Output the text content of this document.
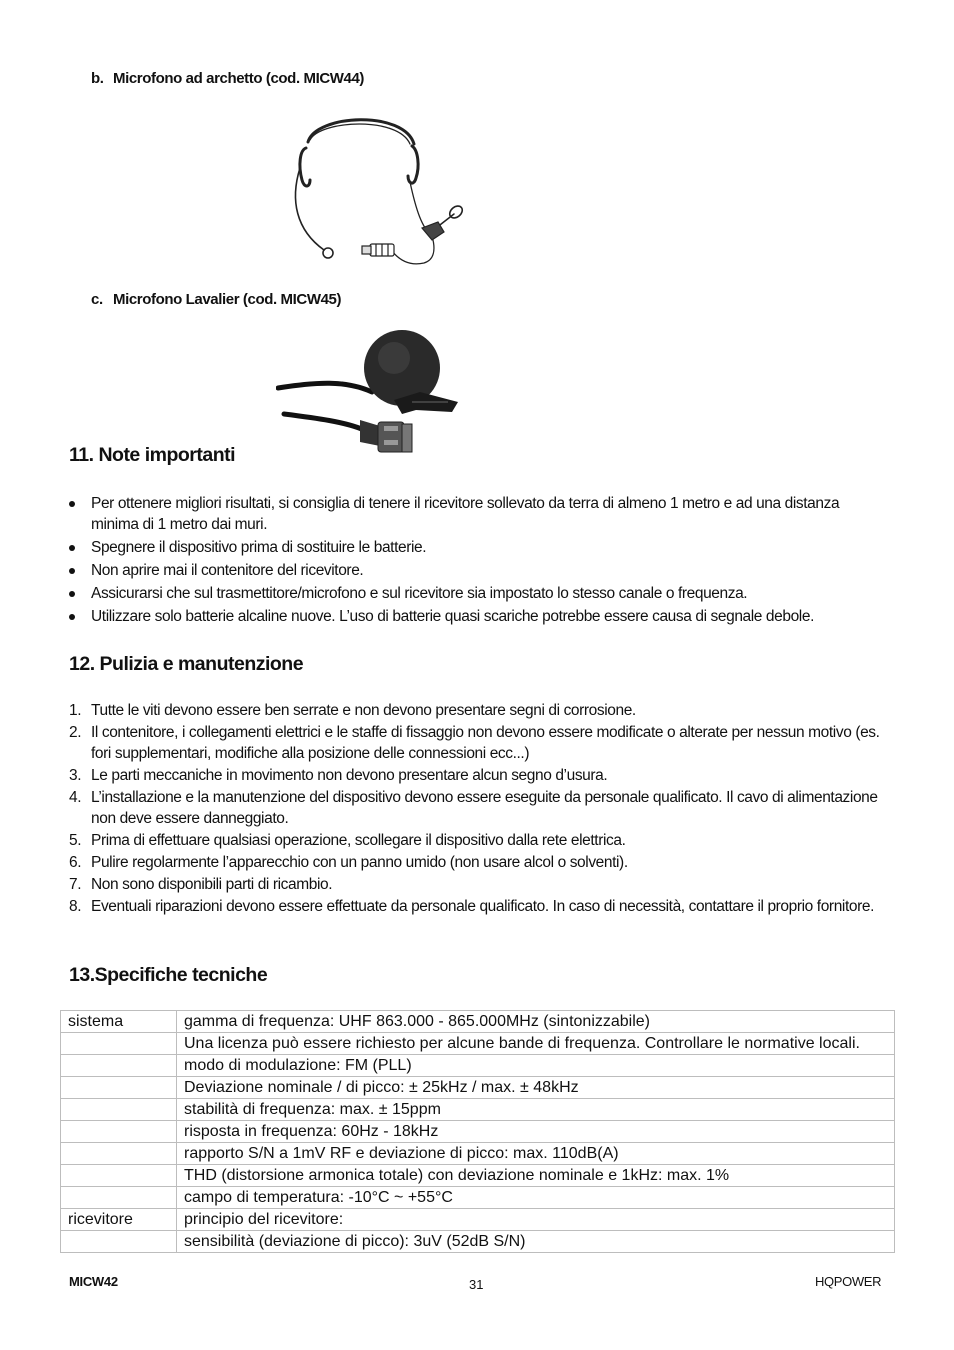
b. Microfono ad archetto (cod. MICW44)
c. Microfono Lavalier (cod. MICW45)
11. Note importanti
Per ottenere migliori risultati, si consiglia di tenere il ricevitore sollevato da terra di almeno 1 metro e ad una distanza minima di 1 metro dai muri.
Spegnere il dispositivo prima di sostituire le batterie.
Non aprire mai il contenitore del ricevitore.
Assicurarsi che sul trasmettitore/microfono e sul ricevitore sia impostato lo stesso canale o frequenza.
Utilizzare solo batterie alcaline nuove. L’uso di batterie quasi scariche potrebbe essere causa di segnale debole.
12. Pulizia e manutenzione
1. Tutte le viti devono essere ben serrate e non devono presentare segni di corrosione.
2. Il contenitore, i collegamenti elettrici e le staffe di fissaggio non devono essere modificate o alterate per nessun motivo (es. fori supplementari, modifiche alla posizione delle connessioni ecc...)
3. Le parti meccaniche in movimento non devono presentare alcun segno d’usura.
4. L’installazione e la manutenzione del dispositivo devono essere eseguite da personale qualificato. Il cavo di alimentazione non deve essere danneggiato.
5. Prima di effettuare qualsiasi operazione, scollegare il dispositivo dalla rete elettrica.
6. Pulire regolarmente l’apparecchio con un panno umido (non usare alcol o solventi).
7. Non sono disponibili parti di ricambio.
8. Eventuali riparazioni devono essere effettuate da personale qualificato. In caso di necessità, contattare il proprio fornitore.
13.Specifiche tecniche
sistema	gamma di frequenza: UHF 863.000 - 865.000MHz (sintonizzabile)
	Una licenza può essere richiesto per alcune bande di frequenza. Controllare le normative locali.
	modo di modulazione: FM (PLL)
	Deviazione nominale / di picco: ± 25kHz / max. ± 48kHz
	stabilità di frequenza: max. ± 15ppm
	risposta in frequenza: 60Hz - 18kHz
	rapporto S/N a 1mV RF e deviazione di picco: max. 110dB(A)
	THD (distorsione armonica totale) con deviazione nominale e 1kHz: max. 1%
	campo di temperatura: -10°C ~ +55°C
ricevitore	principio del ricevitore:
	sensibilità (deviazione di picco): 3uV (52dB S/N)
MICW42	31	HQPOWER
